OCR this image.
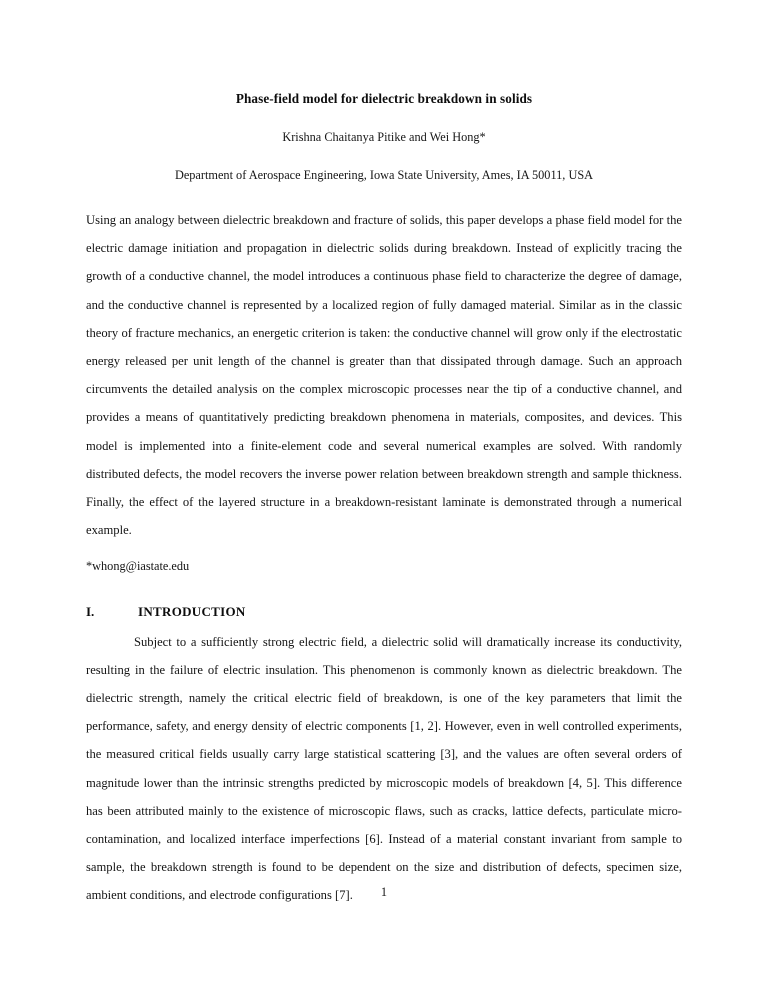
Phase-field model for dielectric breakdown in solids

Krishna Chaitanya Pitike and Wei Hong*

Department of Aerospace Engineering, Iowa State University, Ames, IA 50011, USA

Using an analogy between dielectric breakdown and fracture of solids, this paper develops a phase field model for the electric damage initiation and propagation in dielectric solids during breakdown. Instead of explicitly tracing the growth of a conductive channel, the model introduces a continuous phase field to characterize the degree of damage, and the conductive channel is represented by a localized region of fully damaged material. Similar as in the classic theory of fracture mechanics, an energetic criterion is taken: the conductive channel will grow only if the electrostatic energy released per unit length of the channel is greater than that dissipated through damage. Such an approach circumvents the detailed analysis on the complex microscopic processes near the tip of a conductive channel, and provides a means of quantitatively predicting breakdown phenomena in materials, composites, and devices. This model is implemented into a finite-element code and several numerical examples are solved. With randomly distributed defects, the model recovers the inverse power relation between breakdown strength and sample thickness. Finally, the effect of the layered structure in a breakdown-resistant laminate is demonstrated through a numerical example.

*whong@iastate.edu

I.	INTRODUCTION

Subject to a sufficiently strong electric field, a dielectric solid will dramatically increase its conductivity, resulting in the failure of electric insulation. This phenomenon is commonly known as dielectric breakdown. The dielectric strength, namely the critical electric field of breakdown, is one of the key parameters that limit the performance, safety, and energy density of electric components [1, 2]. However, even in well controlled experiments, the measured critical fields usually carry large statistical scattering [3], and the values are often several orders of magnitude lower than the intrinsic strengths predicted by microscopic models of breakdown [4, 5]. This difference has been attributed mainly to the existence of microscopic flaws, such as cracks, lattice defects, particulate micro-contamination, and localized interface imperfections [6]. Instead of a material constant invariant from sample to sample, the breakdown strength is found to be dependent on the size and distribution of defects, specimen size, ambient conditions, and electrode configurations [7].	1
